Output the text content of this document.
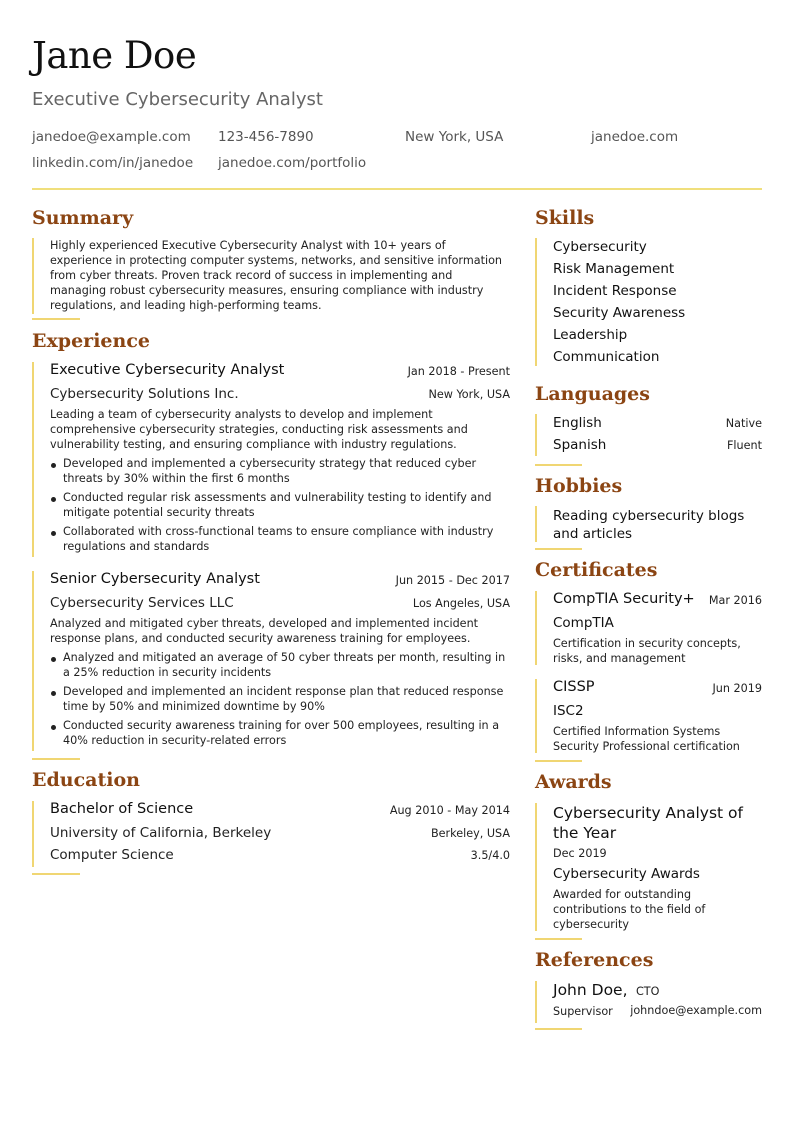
Jane Doe
Executive Cybersecurity Analyst
janedoe@example.com 123-456-7890	New York, USA	janedoe.com
linkedin.com/in/janedoe janedoe.com/portfolio
Summary
Highly experienced Executive Cybersecurity Analyst with 10+ years of
experience in protecting computer systems, networks, and sensitive information
from cyber threats. Proven track record of success in implementing and
managing robust cybersecurity measures, ensuring compliance with industry
regulations, and leading high-performing teams.
Experience
Executive Cybersecurity Analyst	Jan 2018 - Present
Cybersecurity Solutions Inc.	New York, USA
Leading a team of cybersecurity analysts to develop and implement
comprehensive cybersecurity strategies, conducting risk assessments and
vulnerability testing, and ensuring compliance with industry regulations.
Developed and implemented a cybersecurity strategy that reduced cyber
threats by 30% within the first 6 months
Conducted regular risk assessments and vulnerability testing to identify and
mitigate potential security threats
Collaborated with cross-functional teams to ensure compliance with industry
regulations and standards
Senior Cybersecurity Analyst	Jun 2015 - Dec 2017
Cybersecurity Services LLC	Los Angeles, USA
Analyzed and mitigated cyber threats, developed and implemented incident
response plans, and conducted security awareness training for employees.
Analyzed and mitigated an average of 50 cyber threats per month, resulting in
a 25% reduction in security incidents
Developed and implemented an incident response plan that reduced response
time by 50% and minimized downtime by 90%
Conducted security awareness training for over 500 employees, resulting in a
40% reduction in security-related errors
Education
Bachelor of Science	Aug 2010 - May 2014
University of California, Berkeley	Berkeley, USA
Computer Science	3.5/4.0
Skills
Cybersecurity
Risk Management
Incident Response
Security Awareness
Leadership
Communication
Languages
English	Native
Spanish	Fluent
Hobbies
Reading cybersecurity blogs
and articles
Certificates
CompTIA Security+ Mar 2016
CompTIA
Certification in security concepts,
risks, and management
CISSP	Jun 2019
ISC2
Certified Information Systems
Security Professional certification
Awards
Cybersecurity Analyst of
the Year
Dec 2019
Cybersecurity Awards
Awarded for outstanding
contributions to the field of
cybersecurity
References
John Doe, CTO
Supervisor johndoe@example.com
